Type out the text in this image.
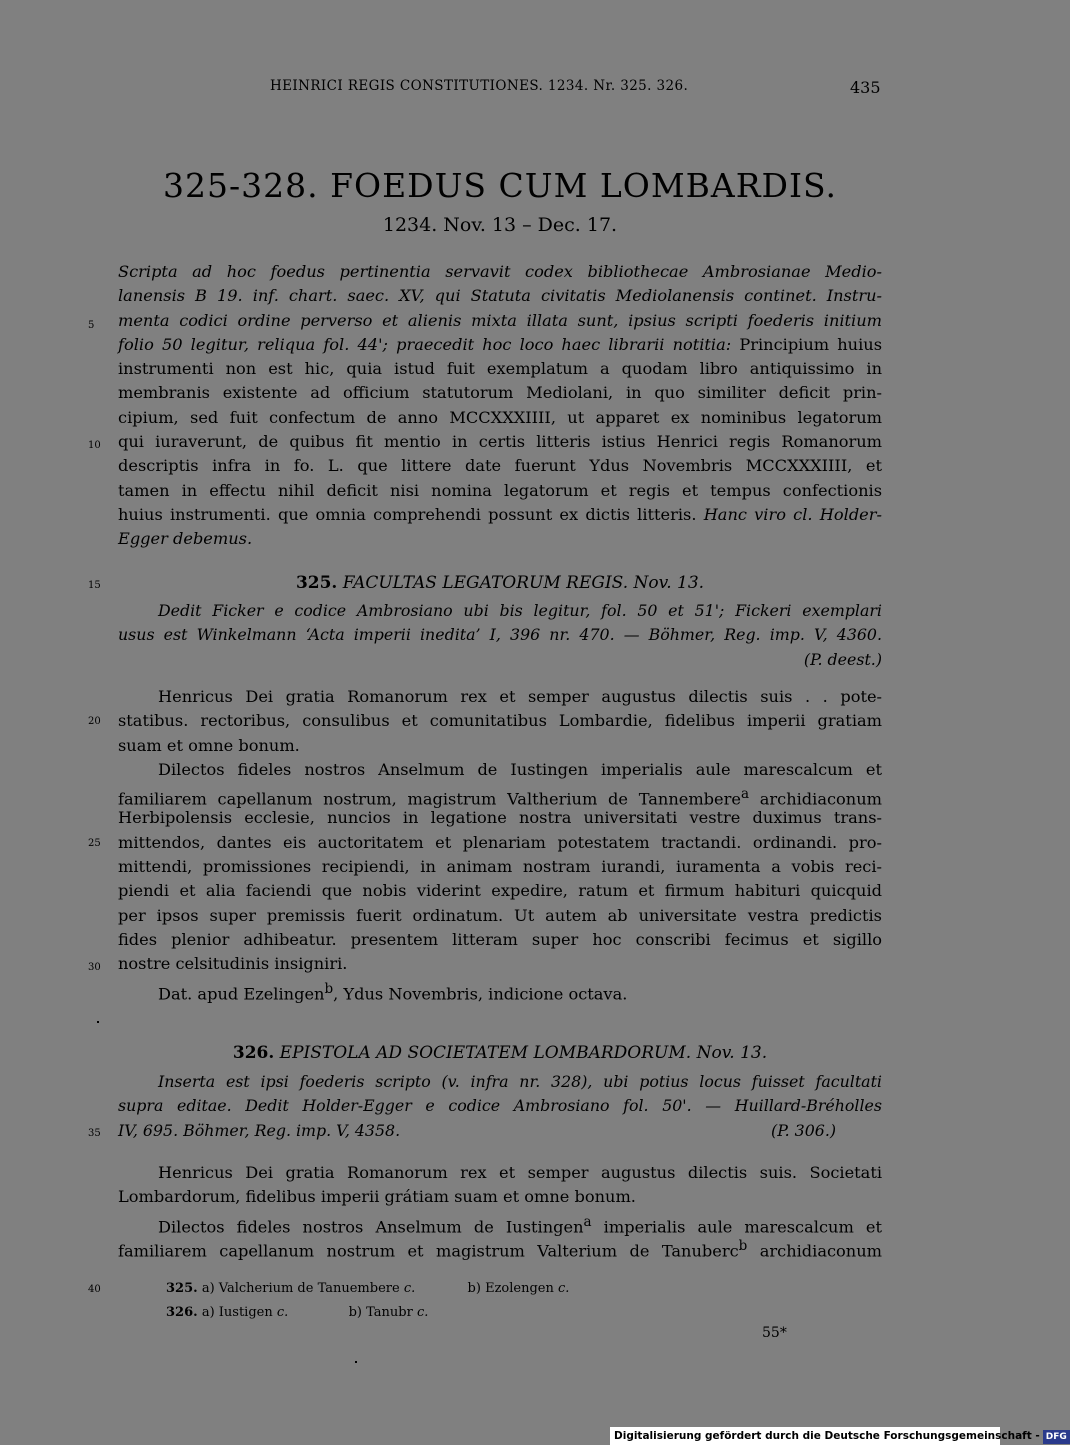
HEINRICI REGIS CONSTITUTIONES. 1234. Nr. 325. 326.	435
325-328. FOEDUS CUM LOMBARDIS.
1234. Nov. 13 – Dec. 17.
Scripta ad hoc foedus pertinentia servavit codex bibliothecae Ambrosianae Medio-
lanensis B 19. inf. chart. saec. XV, qui Statuta civitatis Mediolanensis continet. Instru-
menta codici ordine perverso et alienis mixta illata sunt, ipsius scripti foederis initium
folio 50 legitur, reliqua fol. 44'; praecedit hoc loco haec librarii notitia: Principium huius
instrumenti non est hic, quia istud fuit exemplatum a quodam libro antiquissimo in
membranis existente ad officium statutorum Mediolani, in quo similiter deficit prin-
cipium, sed fuit confectum de anno MCCXXXIIII, ut apparet ex nominibus legatorum
qui iuraverunt, de quibus fit mentio in certis litteris istius Henrici regis Romanorum
descriptis infra in fo. L. que littere date fuerunt Ydus Novembris MCCXXXIIII, et
tamen in effectu nihil deficit nisi nomina legatorum et regis et tempus confectionis
huius instrumenti. que omnia comprehendi possunt ex dictis litteris. Hanc viro cl. Holder-
Egger debemus.
325. FACULTAS LEGATORUM REGIS. Nov. 13.
Dedit Ficker e codice Ambrosiano ubi bis legitur, fol. 50 et 51'; Fickeri exemplari
usus est Winkelmann ‘Acta imperii inedita’ I, 396 nr. 470. — Böhmer, Reg. imp. V, 4360.
(P. deest.)
Henricus Dei gratia Romanorum rex et semper augustus dilectis suis . . pote-
statibus. rectoribus, consulibus et comunitatibus Lombardie, fidelibus imperii gratiam
suam et omne bonum.
Dilectos fideles nostros Anselmum de Iustingen imperialis aule marescalcum et
familiarem capellanum nostrum, magistrum Valtherium de Tannembere$^a$ archidiaconum
Herbipolensis ecclesie, nuncios in legatione nostra universitati vestre duximus trans-
mittendos, dantes eis auctoritatem et plenariam potestatem tractandi. ordinandi. pro-
mittendi, promissiones recipiendi, in animam nostram iurandi, iuramenta a vobis reci-
piendi et alia faciendi que nobis viderint expedire, ratum et firmum habituri quicquid
per ipsos super premissis fuerit ordinatum. Ut autem ab universitate vestra predictis
fides plenior adhibeatur. presentem litteram super hoc conscribi fecimus et sigillo
nostre celsitudinis insigniri.
Dat. apud Ezelingen$^b$, Ydus Novembris, indicione octava.
326. EPISTOLA AD SOCIETATEM LOMBARDORUM. Nov. 13.
Inserta est ipsi foederis scripto (v. infra nr. 328), ubi potius locus fuisset facultati
supra editae. Dedit Holder-Egger e codice Ambrosiano fol. 50'. — Huillard-Bréholles
IV, 695. Böhmer, Reg. imp. V, 4358.	(P. 306.)
Henricus Dei gratia Romanorum rex et semper augustus dilectis suis. Societati
Lombardorum, fidelibus imperii grátiam suam et omne bonum.
Dilectos fideles nostros Anselmum de Iustingen$^a$ imperialis aule marescalcum et
familiarem capellanum nostrum et magistrum Valterium de Tanuberc$^b$ archidiaconum
325. a) Valcherium de Tanuembere c.	b) Ezolengen c.
326. a) Iustigen c.	b) Tanubr c.
55*
5
10
15
20
25
30
35
40
Digitalisierung gefördert durch die Deutsche Forschungsgemeinschaft - DFG
